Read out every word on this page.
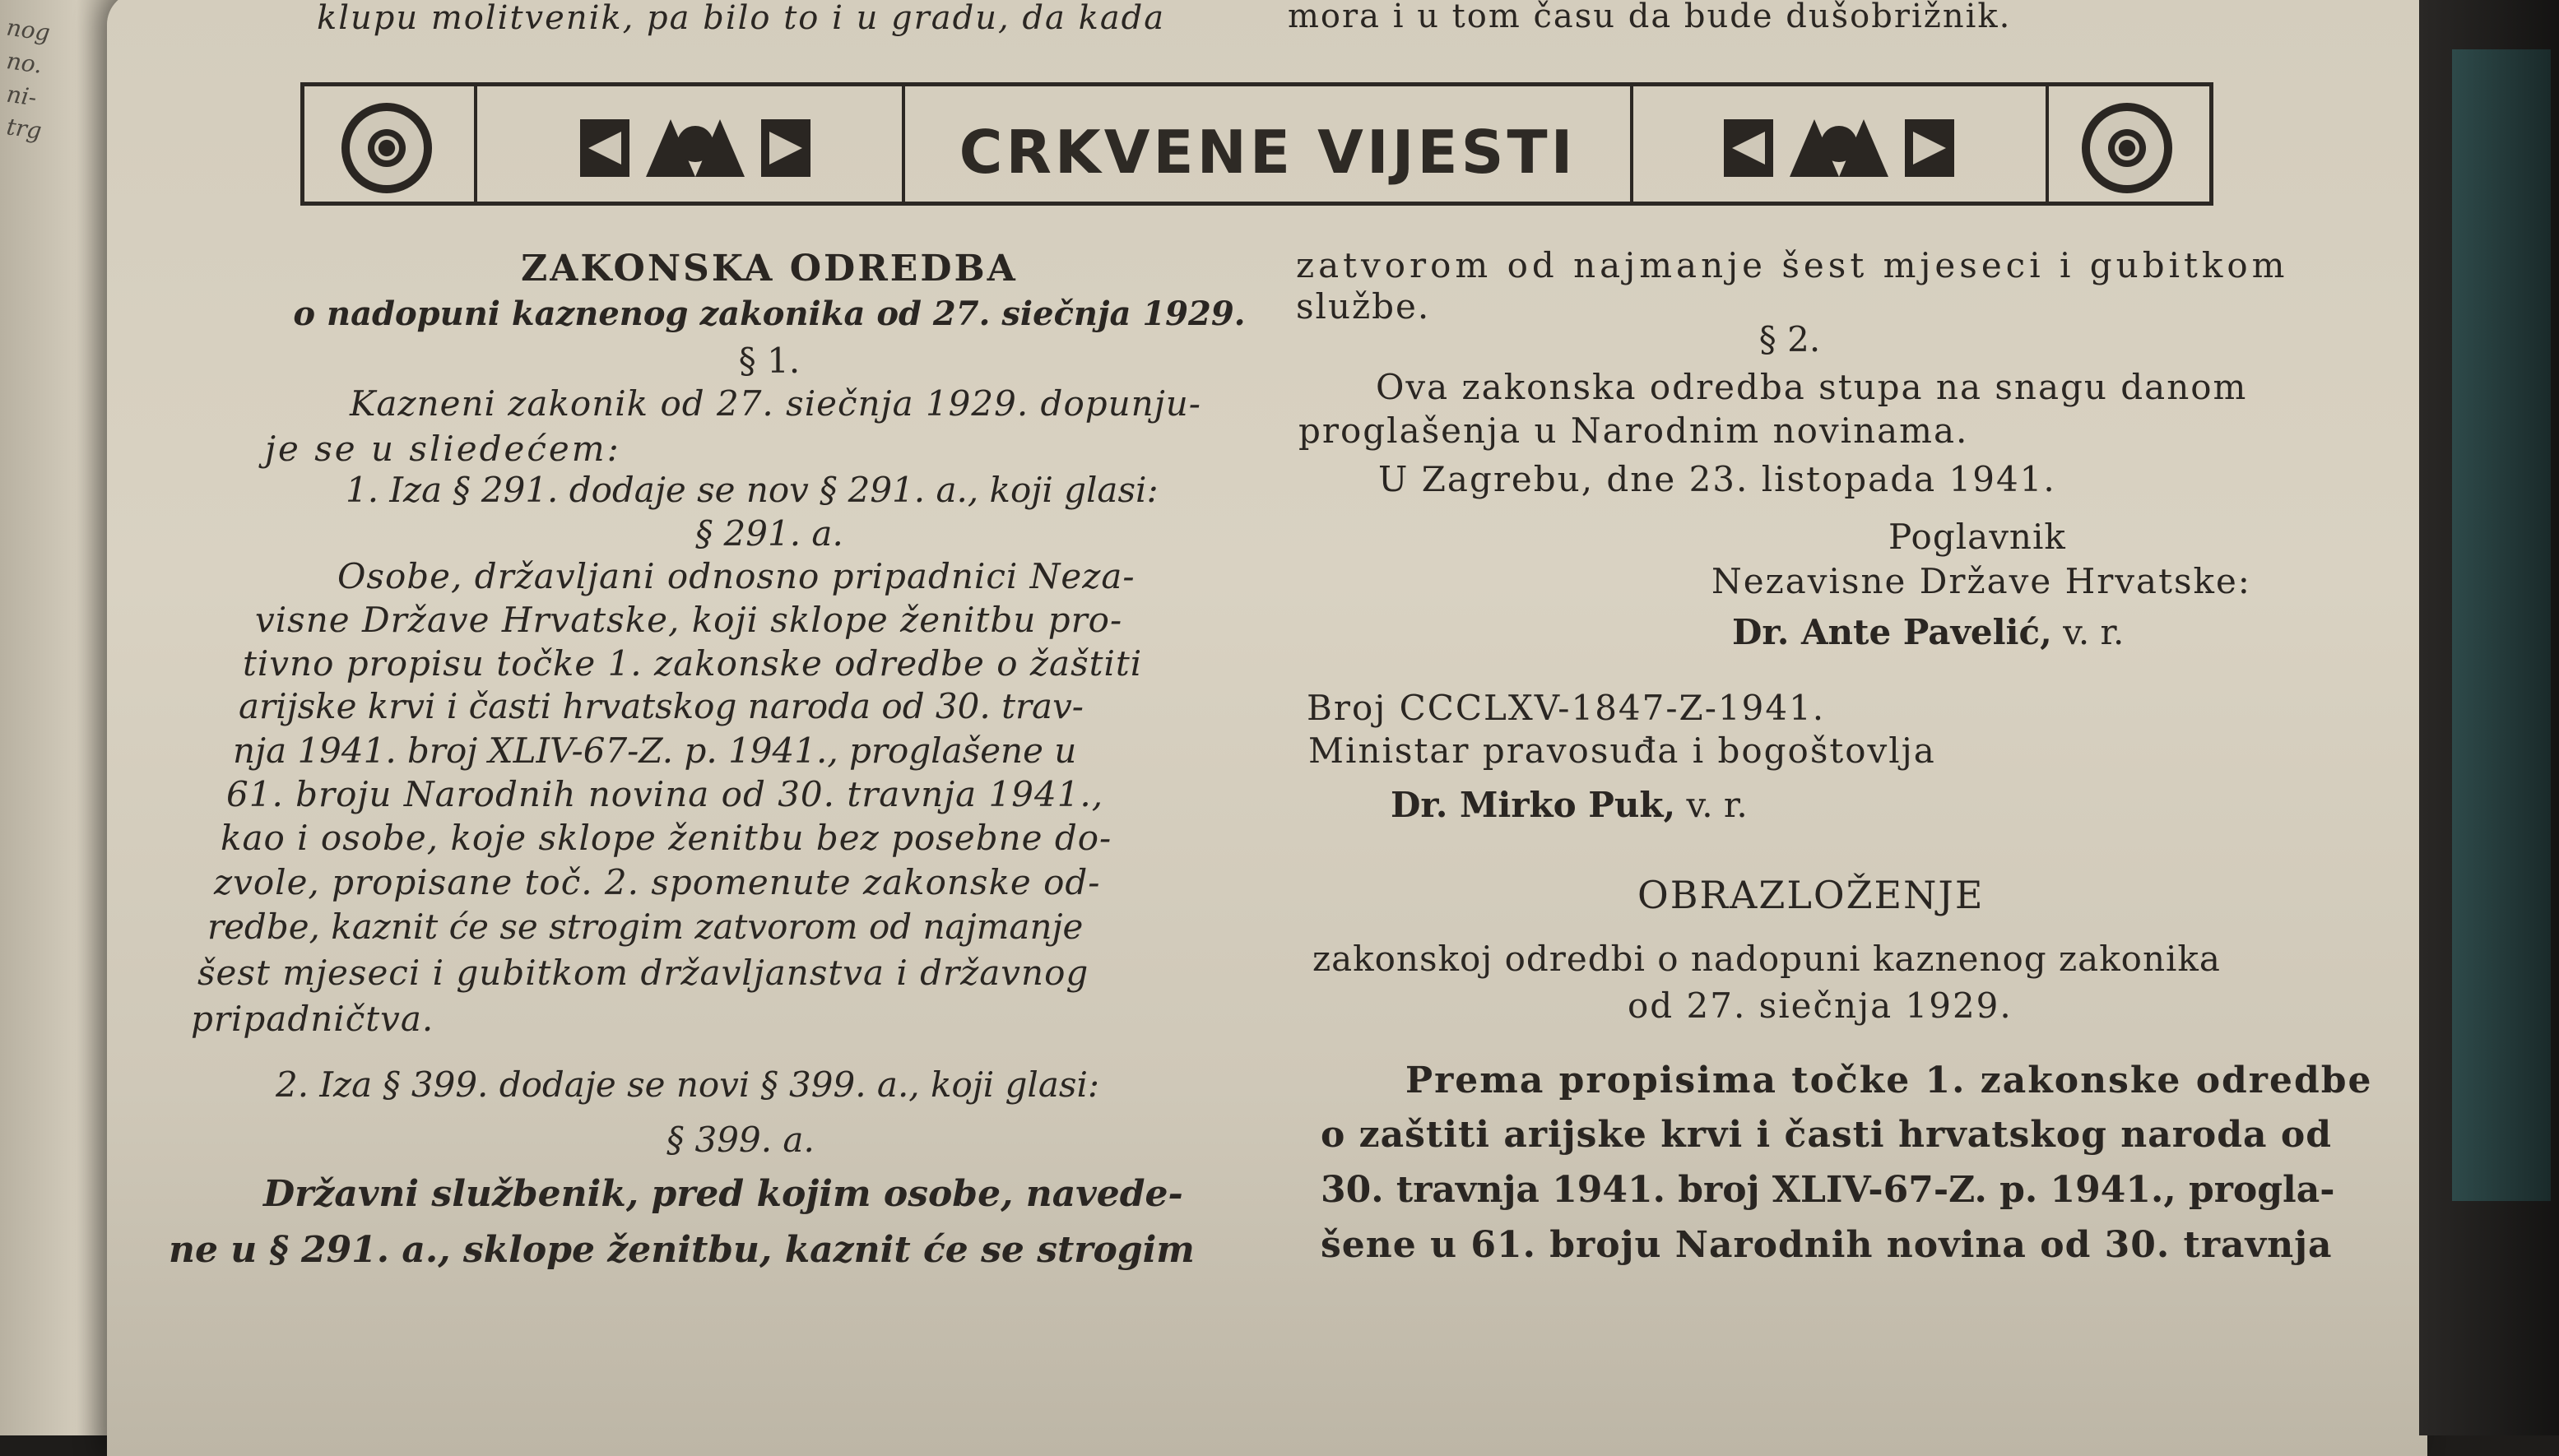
nog
no.
ni-
trg
klupu molitvenik, pa bilo to i u gradu, da kada	mora i u tom času da bude dušobrižnik.
CRKVENE VIJESTI
ZAKONSKA ODREDBA
o nadopuni kaznenog zakonika od 27. siečnja 1929.
§ 1.
Kazneni zakonik od 27. siečnja 1929. dopunju-
je se u sliedećem:
1. Iza § 291. dodaje se nov § 291. a., koji glasi:
§ 291. a.
Osobe, državljani odnosno pripadnici Neza-
visne Države Hrvatske, koji sklope ženitbu pro-
tivno propisu točke 1. zakonske odredbe o žaštiti
arijske krvi i časti hrvatskog naroda od 30. trav-
nja 1941. broj XLIV-67-Z. p. 1941., proglašene u
61. broju Narodnih novina od 30. travnja 1941.,
kao i osobe, koje sklope ženitbu bez posebne do-
zvole, propisane toč. 2. spomenute zakonske od-
redbe, kaznit će se strogim zatvorom od najmanje
šest mjeseci i gubitkom državljanstva i državnog
pripadničtva.
2. Iza § 399. dodaje se novi § 399. a., koji glasi:
§ 399. a.
Državni službenik, pred kojim osobe, navede-
ne u § 291. a., sklope ženitbu, kaznit će se strogim
zatvorom od najmanje šest mjeseci i gubitkom
službe.
§ 2.
Ova zakonska odredba stupa na snagu danom
proglašenja u Narodnim novinama.
U Zagrebu, dne 23. listopada 1941.
Poglavnik
Nezavisne Države Hrvatske:
Dr. Ante Pavelić, v. r.
Broj CCCLXV-1847-Z-1941.
Ministar pravosuđa i bogoštovlja
Dr. Mirko Puk, v. r.
OBRAZLOŽENJE
zakonskoj odredbi o nadopuni kaznenog zakonika
od 27. siečnja 1929.
Prema propisima točke 1. zakonske odredbe
o zaštiti arijske krvi i časti hrvatskog naroda od
30. travnja 1941. broj XLIV-67-Z. p. 1941., progla-
šene u 61. broju Narodnih novina od 30. travnja
